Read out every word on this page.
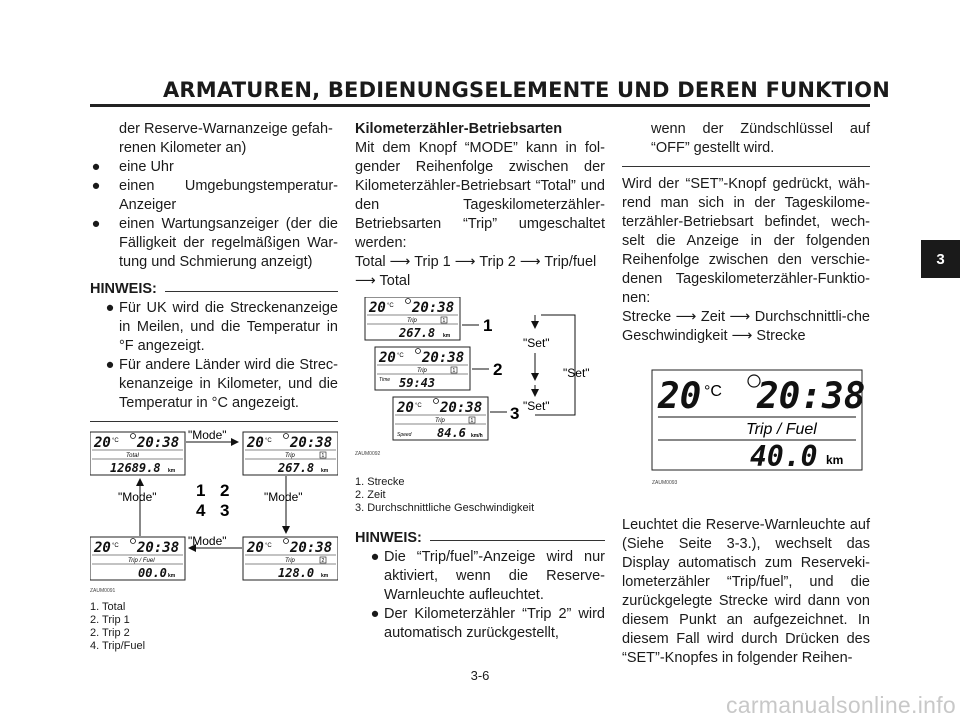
ARMATUREN, BEDIENUNGSELEMENTE UND DEREN FUNKTION
der Reserve-Warnanzeige gefah-
renen Kilometer an)
● eine Uhr
● einen Umgebungstemperatur-Anzeiger
● einen Wartungsanzeiger (der die Fälligkeit der regelmäßigen War-tung und Schmierung anzeigt)
HINWEIS:
● Für UK wird die Streckenanzeige in Meilen, und die Temperatur in °F angezeigt.
● Für andere Länder wird die Strec-kenanzeige in Kilometer, und die Temperatur in °C angezeigt.
20 °C 20:38
Total
12689.8 km
20 °C 20:38
Trip	1
267.8 km
20 °C 20:38
Trip / Fuel
00.0 km
20 °C 20:38
Trip	2
128.0 km
"Mode"
"Mode"
"Mode"
"Mode" 1 2
4 3
ZAUM0091
1. Total
2. Trip 1
2. Trip 2
4. Trip/Fuel
Kilometerzähler-Betriebsarten
Mit dem Knopf “MODE” kann in fol-gender Reihenfolge zwischen der Kilometerzähler-Betriebsart “Total” und den Tageskilometerzähler-Betriebsarten “Trip” umgeschaltet werden:
Total ⟶ Trip 1 ⟶ Trip 2 ⟶ Trip/fuel
⟶ Total
20 °C 20:38
Trip	1
267.8 km
20 °C 20:38
Trip	1
Time 59:43
20 °C 20:38
Trip	1
Speed 84.6 km/h
1
2
3
"Set"
"Set"
"Set"
ZAUM0092
1. Strecke
2. Zeit
3. Durchschnittliche Geschwindigkeit
HINWEIS:
● Die “Trip/fuel”-Anzeige wird nur aktiviert, wenn die Reserve-Warnleuchte aufleuchtet.
● Der Kilometerzähler “Trip 2” wird automatisch zurückgestellt,
wenn der Zündschlüssel auf “OFF” gestellt wird.
Wird der “SET”-Knopf gedrückt, wäh-rend man sich in der Tageskilome-terzähler-Betriebsart befindet, wech-selt die Anzeige in der folgenden Reihenfolge zwischen den verschie-denen Tageskilometerzähler-Funktio-nen:
Strecke ⟶ Zeit ⟶ Durchschnittli-che Geschwindigkeit ⟶ Strecke
20 °C 20:38
Trip / Fuel
40.0 km
ZAUM0093
Leuchtet die Reserve-Warnleuchte auf (Siehe Seite 3-3.), wechselt das Display automatisch zum Reserveki-lometerzähler “Trip/fuel”, und die zurückgelegte Strecke wird dann von diesem Punkt an aufgezeichnet. In diesem Fall wird durch Drücken des “SET”-Knopfes in folgender Reihen-
3
3-6
carmanualsonline.info
